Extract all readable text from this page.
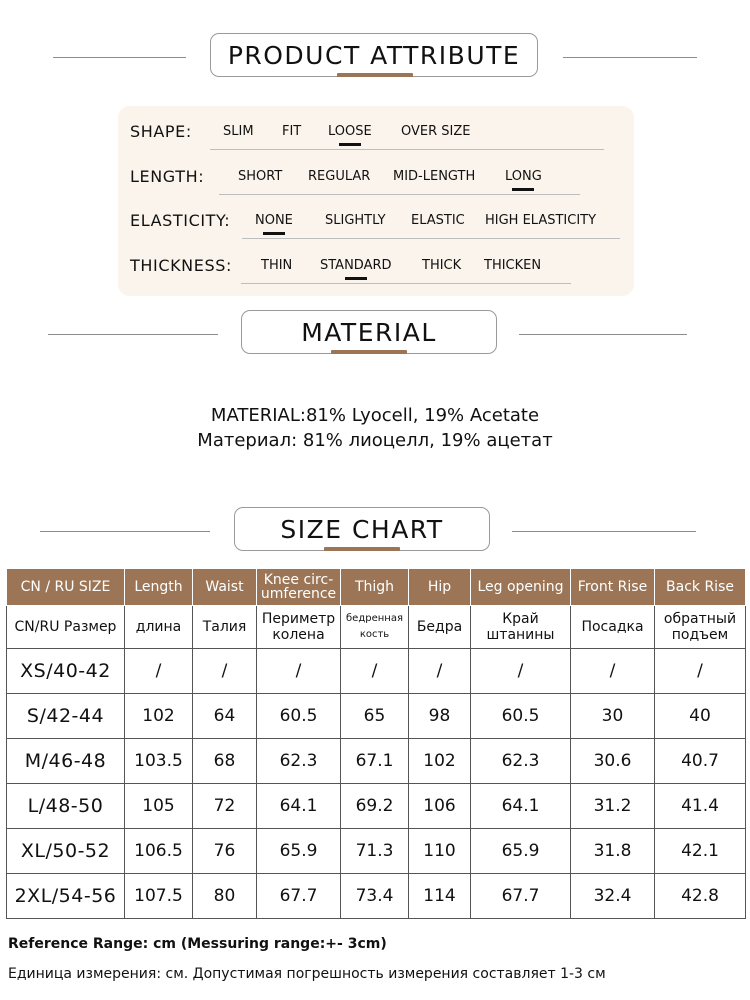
PRODUCT ATTRIBUTE
SHAPE: SLIM FIT LOOSE OVER SIZE
LENGTH:	SHORT REGULAR MID-LENGTH LONG
ELASTICITY: NONE SLIGHTLY ELASTIC HIGH ELASTICITY
THICKNESS: THIN STANDARD THICK THICKEN
MATERIAL
MATERIAL:81% Lyocell, 19% Acetate
Материал: 81% лиоцелл, 19% ацетат
SIZE CHART
CN / RU SIZE	Length	Waist	Knee circ-umference	Thigh	Hip	Leg opening	Front Rise	Back Rise
CN/RU Размер	длина	Талия	Периметр колена	бедренная кость	Бедра	Край штанины	Посадка	обратный подъем
XS/40-42	/	/	/	/	/	/	/	/
S/42-44	102	64	60.5	65	98	60.5	30	40
M/46-48	103.5	68	62.3	67.1	102	62.3	30.6	40.7
L/48-50	105	72	64.1	69.2	106	64.1	31.2	41.4
XL/50-52	106.5	76	65.9	71.3	110	65.9	31.8	42.1
2XL/54-56	107.5	80	67.7	73.4	114	67.7	32.4	42.8
Reference Range: cm (Messuring range:+- 3cm)
Единица измерения: см. Допустимая погрешность измерения составляет 1-3 см
